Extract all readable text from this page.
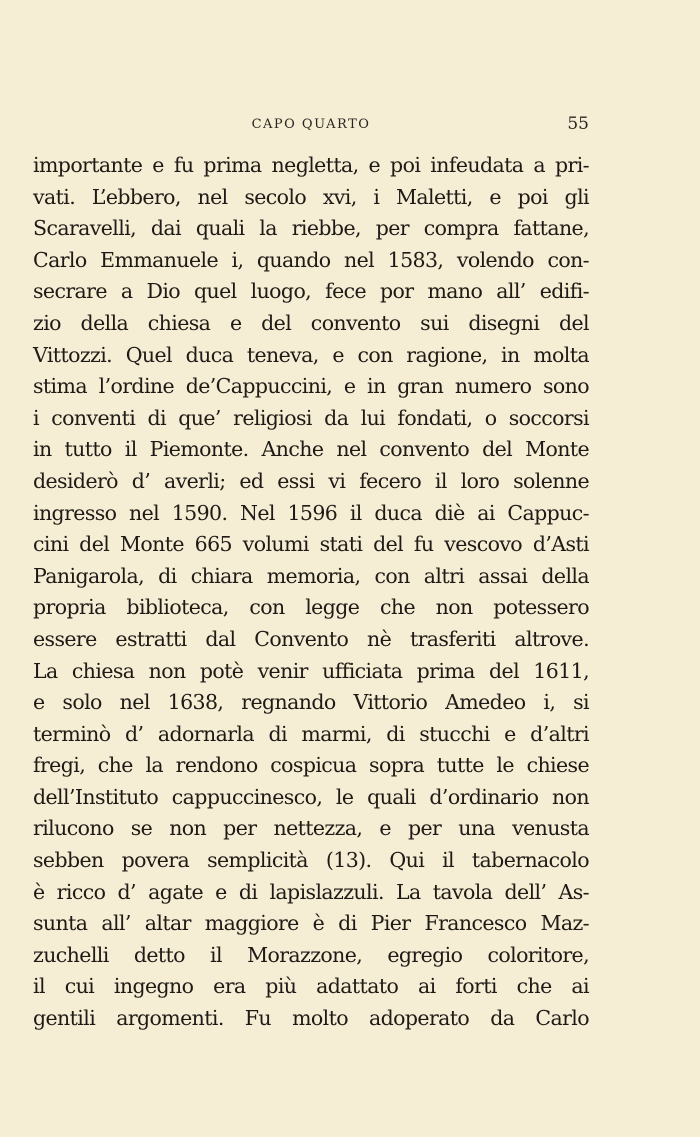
CAPO QUARTO	55
importante e fu prima negletta, e poi infeudata a pri-
vati. L’ebbero, nel secolo xvi, i Maletti, e poi gli
Scaravelli, dai quali la riebbe, per compra fattane,
Carlo Emmanuele i, quando nel 1583, volendo con-
secrare a Dio quel luogo, fece por mano all’ edifi-
zio della chiesa e del convento sui disegni del
Vittozzi. Quel duca teneva, e con ragione, in molta
stima l’ordine de’Cappuccini, e in gran numero sono
i conventi di que’ religiosi da lui fondati, o soccorsi
in tutto il Piemonte. Anche nel convento del Monte
desiderò d’ averli; ed essi vi fecero il loro solenne
ingresso nel 1590. Nel 1596 il duca diè ai Cappuc-
cini del Monte 665 volumi stati del fu vescovo d’Asti
Panigarola, di chiara memoria, con altri assai della
propria biblioteca, con legge che non potessero
essere estratti dal Convento nè trasferiti altrove.
La chiesa non potè venir ufficiata prima del 1611,
e solo nel 1638, regnando Vittorio Amedeo i, si
terminò d’ adornarla di marmi, di stucchi e d’altri
fregi, che la rendono cospicua sopra tutte le chiese
dell’Instituto cappuccinesco, le quali d’ordinario non
rilucono se non per nettezza, e per una venusta
sebben povera semplicità (13). Qui il tabernacolo
è ricco d’ agate e di lapislazzuli. La tavola dell’ As-
sunta all’ altar maggiore è di Pier Francesco Maz-
zuchelli detto il Morazzone, egregio coloritore,
il cui ingegno era più adattato ai forti che ai
gentili argomenti. Fu molto adoperato da Carlo
